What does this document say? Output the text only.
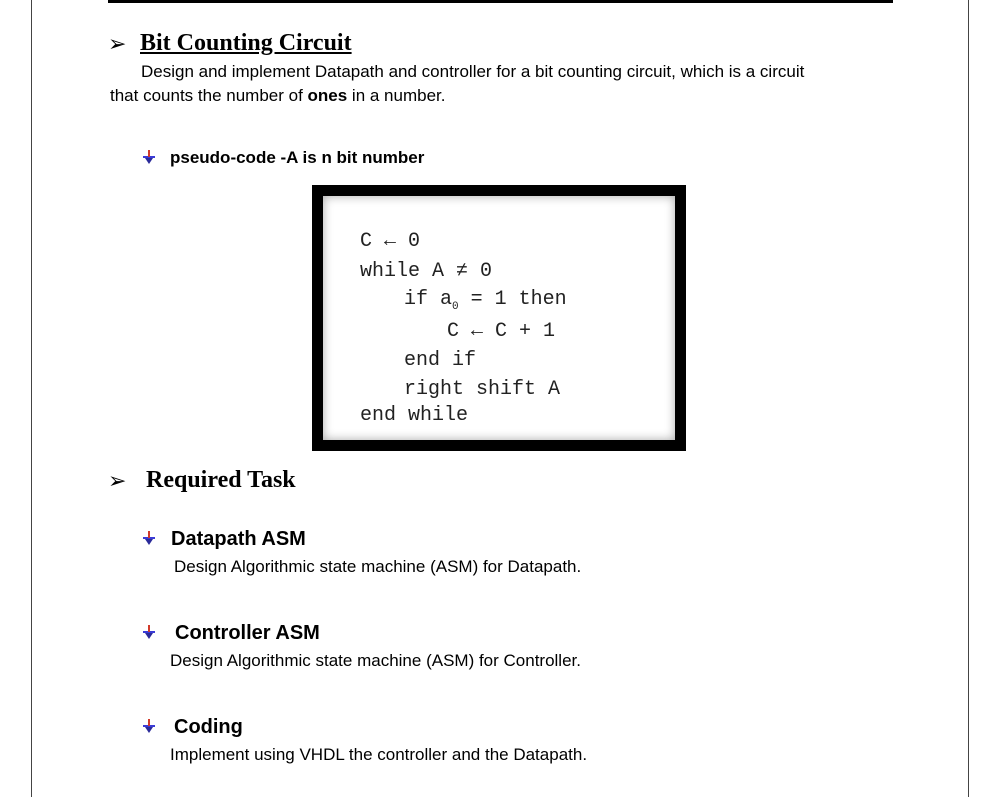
➢ Bit Counting Circuit
Design and implement Datapath and controller for a bit counting circuit, which is a circuit
that counts the number of ones in a number.
pseudo-code -A is n bit number
C ← 0
while A ≠ 0
if $a_0 = 1$ then
C ← C + 1
end if
right shift A
end while
➢ Required Task
Datapath ASM
Design Algorithmic state machine (ASM) for Datapath.
Controller ASM
Design Algorithmic state machine (ASM) for Controller.
Coding
Implement using VHDL the controller and the Datapath.
